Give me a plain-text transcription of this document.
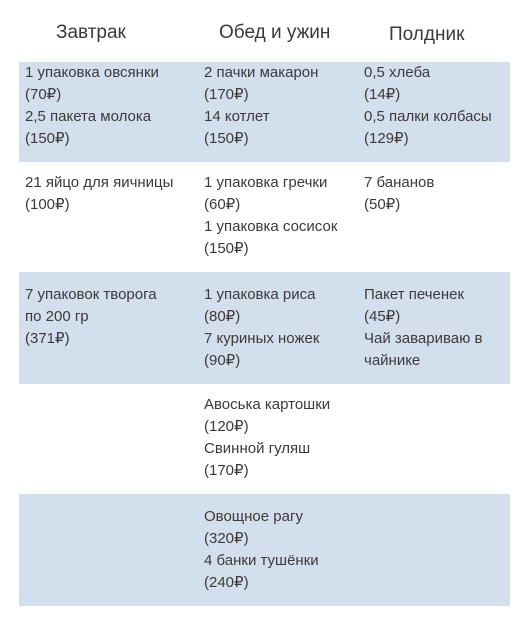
Завтрак	Обед и ужин	Полдник
1 упаковка овсянки
(70₽)
2,5 пакета молока
(150₽)
2 пачки макарон
(170₽)
14 котлет
(150₽)
0,5 хлеба
(14₽)
0,5 палки колбасы
(129₽)
21 яйцо для яичницы
(100₽)
1 упаковка гречки
(60₽)
1 упаковка сосисок
(150₽)
7 бананов
(50₽)
7 упаковок творога
по 200 гр
(371₽)
1 упаковка риса
(80₽)
7 куриных ножек
(90₽)
Пакет печенек
(45₽)
Чай завариваю в
чайнике
Авоська картошки
(120₽)
Свинной гуляш
(170₽)
Овощное рагу
(320₽)
4 банки тушёнки
(240₽)
